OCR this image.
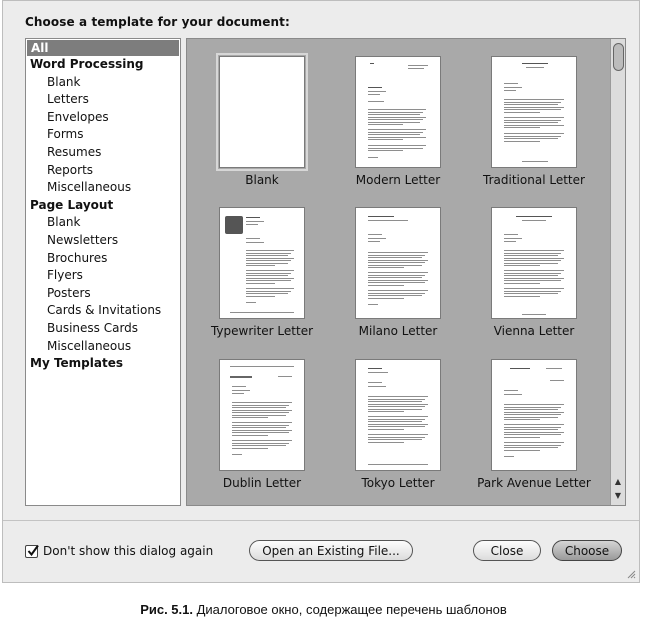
Choose a template for your document:
All
Word Processing
Blank
Letters
Envelopes
Forms
Resumes
Reports
Miscellaneous
Page Layout
Blank
Newsletters
Brochures
Flyers
Posters
Cards & Invitations
Business Cards
Miscellaneous
My Templates
▲
▼
Blank	Modern Letter	Traditional Letter
Typewriter Letter	Milano Letter	Vienna Letter
Dublin Letter	Tokyo Letter	Park Avenue Letter
Don't show this dialog again	Open an Existing File...	Close	Choose
Рис. 5.1. Диалоговое окно, содержащее перечень шаблонов
